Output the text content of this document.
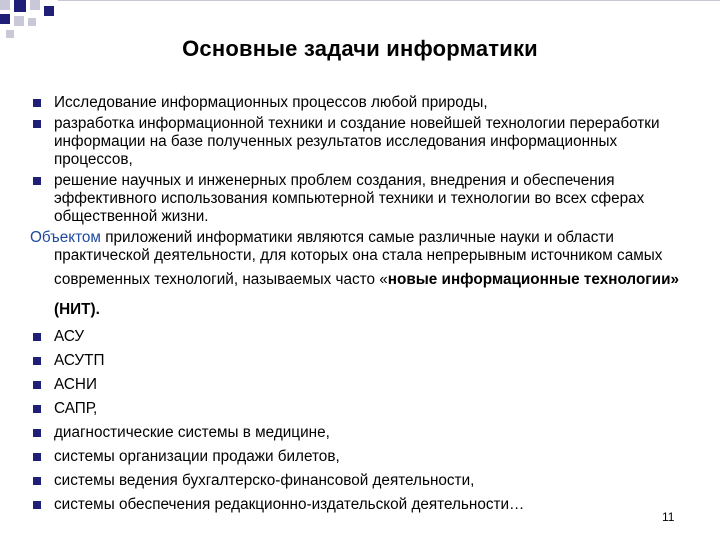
Основные задачи информатики
Исследование информационных процессов любой природы,
разработка информационной техники и создание новейшей технологии переработки информации на базе полученных результатов исследования информационных процессов,
решение научных и инженерных проблем создания, внедрения и обеспечения эффективного использования компьютерной техники и технологии во всех сферах общественной жизни.
Объектом приложений информатики являются самые различные науки и области практической деятельности, для которых она стала непрерывным источником самых современных технологий, называемых часто «новые информационные технологии» (НИТ).
АСУ
АСУТП
АСНИ
САПР,
диагностические системы в медицине,
системы организации продажи билетов,
системы ведения бухгалтерско-финансовой деятельности,
системы обеспечения редакционно-издательской деятельности…
11
